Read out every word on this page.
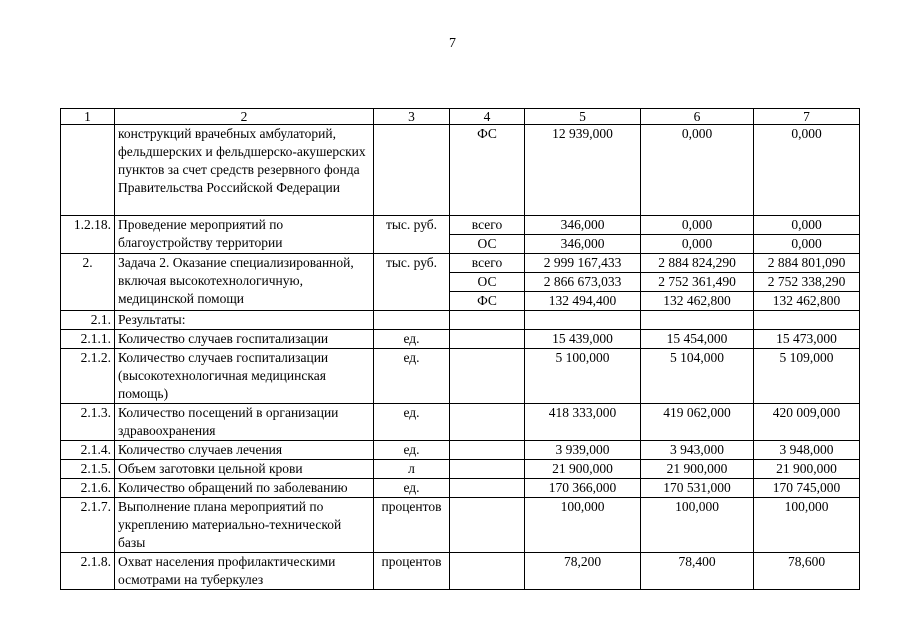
7
1	2	3	4	5	6	7
	конструкций врачебных амбулаторий, фельдшерских и фельдшерско-акушерских пунктов за счет средств резервного фонда Правительства Российской Федерации		ФС	12 939,000	0,000	0,000
1.2.18.	Проведение мероприятий по благоустройству территории	тыс. руб.	всего	346,000	0,000	0,000
			ОС	346,000	0,000	0,000
2.	Задача 2. Оказание специализированной, включая высокотехнологичную, медицинской помощи	тыс. руб.	всего	2 999 167,433	2 884 824,290	2 884 801,090
			ОС	2 866 673,033	2 752 361,490	2 752 338,290
			ФС	132 494,400	132 462,800	132 462,800
2.1.	Результаты:					
2.1.1.	Количество случаев госпитализации	ед.		15 439,000	15 454,000	15 473,000
2.1.2.	Количество случаев госпитализации (высокотехнологичная медицинская помощь)	ед.		5 100,000	5 104,000	5 109,000
2.1.3.	Количество посещений в организации здравоохранения	ед.		418 333,000	419 062,000	420 009,000
2.1.4.	Количество случаев лечения	ед.		3 939,000	3 943,000	3 948,000
2.1.5.	Объем заготовки цельной крови	л		21 900,000	21 900,000	21 900,000
2.1.6.	Количество обращений по заболеванию	ед.		170 366,000	170 531,000	170 745,000
2.1.7.	Выполнение плана мероприятий по укреплению материально-технической базы	процентов		100,000	100,000	100,000
2.1.8.	Охват населения профилактическими осмотрами на туберкулез	процентов		78,200	78,400	78,600
